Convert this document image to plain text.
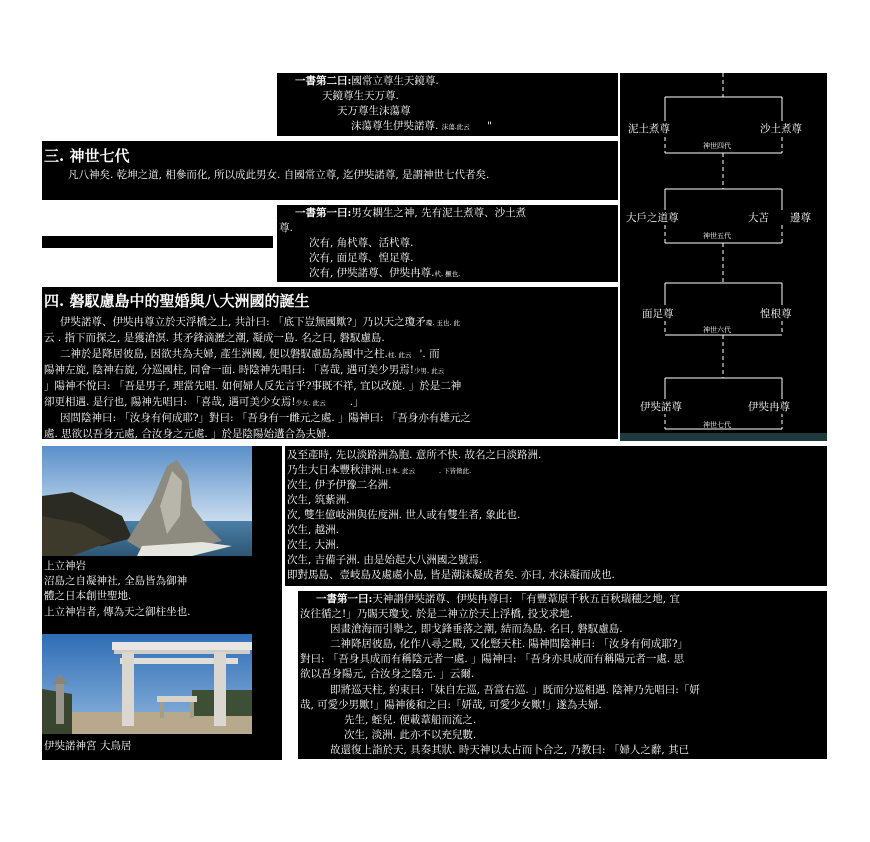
一書第二曰:國常立尊生天鏡尊.
天鏡尊生天万尊.
天万尊生沫蕩尊
沫蕩尊生伊奘諾尊. 沫蕩.此云 "
三. 神世七代
凡八神矣. 乾坤之道, 相參而化, 所以成此男女. 自國常立尊, 迄伊奘諾尊, 是謂神世七代者矣.
一書第一曰:男女耦生之神, 先有泥土煮尊、沙土煮
尊.
次有, 角杙尊、活杙尊.
次有, 面足尊、惶足尊.
次有, 伊奘諾尊、伊奘冉尊.杙. 橛也.
四. 磐馭慮島中的聖婚與八大洲國的誕生
伊奘諾尊、伊奘冉尊立於天浮橋之上, 共計曰: 「底下豈無國歟?」乃以天之瓊矛瓊. 玉也. 此
云 . 指下而探之, 是獲滄溟. 其矛鋒滴瀝之潮, 凝成一島. 名之曰, 磐馭慮島.
二神於是降居彼島, 因欲共為夫婦, 產生洲國, 便以磐馭慮島為國中之柱.柱. 此云 '. 而
陽神左旋, 陰神右旋, 分巡國柱, 同會一面. 時陰神先唱曰: 「喜哉, 遇可美少男焉!少男. 此云
」陽神不悅曰: 「吾是男子, 理當先唱. 如何婦人反先言乎?事既不祥, 宜以改旋. 」於是二神
卻更相遇. 是行也, 陽神先唱曰: 「喜哉, 遇可美少女焉!少女. 此云 .」
因問陰神曰: 「汝身有何成耶?」對曰: 「吾身有一雌元之處. 」陽神曰: 「吾身亦有雄元之
處. 思欲以吾身元處, 合汝身之元處. 」於是陰陽始遘合為夫婦.
泥土煮尊	沙土煮尊
神世四代
大戶之道尊	大苫 邊尊
神世五代
面足尊	惶根尊
神世六代
伊奘諾尊	伊奘冉尊
神世七代
上立神岩
沼島之自凝神社, 全島皆為御神
體之日本創世聖地.
上立神岩者, 傳為天之御柱坐也.
伊奘諾神宮 大鳥居
及至產時, 先以淡路洲為胞. 意所不快. 故名之曰淡路洲.
乃生大日本豐秋津洲.日本. 此云	. 下皆傚此.
次生, 伊予伊豫二名洲.
次生, 筑紫洲.
次, 雙生億岐洲與佐度洲. 世人或有雙生者, 象此也.
次生, 越洲.
次生, 大洲.
次生, 吉備子洲. 由是始起大八洲國之號焉.
即對馬島、壹岐島及處處小島, 皆是潮沫凝成者矣. 亦曰, 水沫凝而成也.
一書第一曰:天神謂伊奘諾尊、伊奘冉尊曰: 「有豐葦原千秋五百秋瑞穗之地, 宜
汝往循之!」乃賜天瓊戈. 於是二神立於天上浮橋, 投戈求地.
因畫滄海而引擧之, 即戈鋒垂落之潮, 結而為島. 名曰, 磐馭慮島.
二神降居彼島, 化作八尋之殿, 又化豎天柱. 陽神問陰神曰: 「汝身有何成耶?」
對曰: 「吾身具成而有稱陰元者一處. 」陽神曰: 「吾身亦具成而有稱陽元者一處. 思
欲以吾身陽元, 合汝身之陰元. 」云爾.
即將巡天柱, 約束曰:「妹自左巡, 吾當右巡. 」既而分巡相遇. 陰神乃先唱曰:「妍
哉, 可愛少男歟!」陽神後和之曰:「妍哉, 可愛少女歟!」遂為夫婦.
先生, 蛭兒. 便載葦船而流之.
次生, 淡洲. 此亦不以充兒數.
故還復上詣於天, 具奏其狀. 時天神以太占而卜合之, 乃教曰: 「婦人之辭, 其已
